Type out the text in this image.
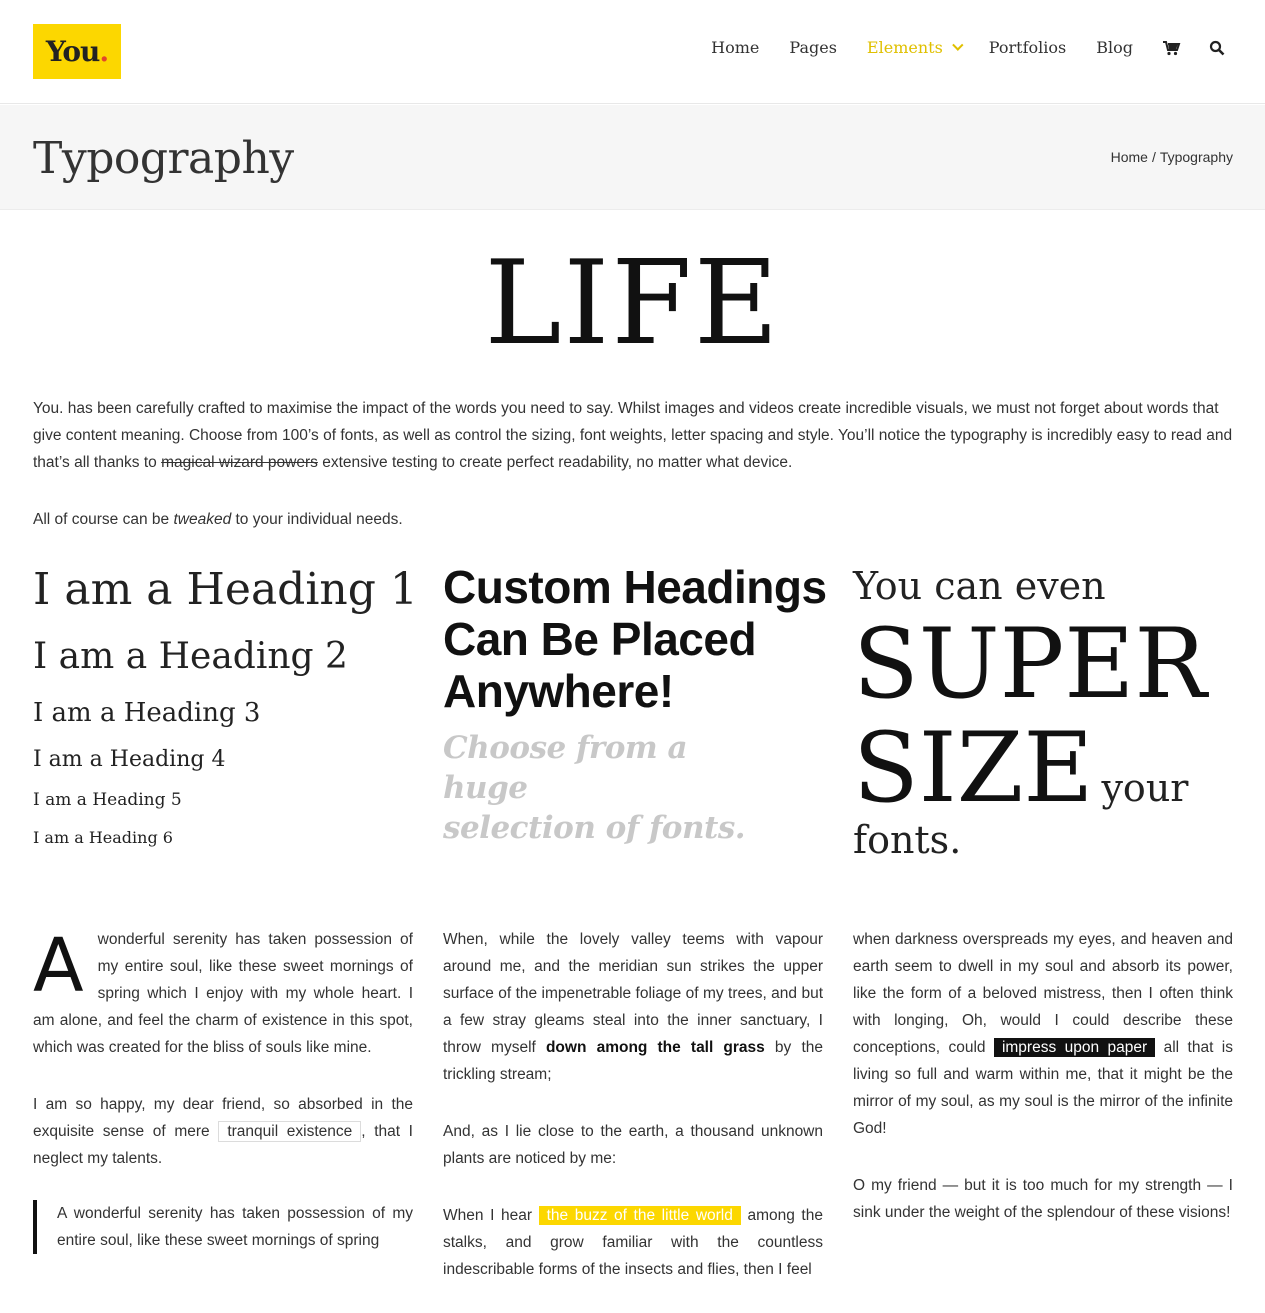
You.	Home Pages Elements	Portfolios Blog
Typography	Home / Typography
LIFE
You. has been carefully crafted to maximise the impact of the words you need to say. Whilst images and videos create incredible visuals, we must not forget about words that give content meaning. Choose from 100’s of fonts, as well as control the sizing, font weights, letter spacing and style. You’ll notice the typography is incredibly easy to read and that’s all thanks to magical wizard powers extensive testing to create perfect readability, no matter what device.
All of course can be tweaked to your individual needs.
I am a Heading 1
I am a Heading 2
I am a Heading 3
I am a Heading 4
I am a Heading 5
I am a Heading 6
Custom Headings
Can Be Placed
Anywhere!
Choose from a huge
selection of fonts.
You can even
SUPER
SIZE your
fonts.

Awonderful serenity has taken possession of my entire soul, like these sweet mornings of spring which I enjoy with my whole heart. I am alone, and feel the charm of existence in this spot, which was created for the bliss of souls like mine.

I am so happy, my dear friend, so absorbed in the exquisite sense of mere tranquil existence , that I neglect my talents.

A wonderful serenity has taken possession of my entire soul, like these sweet mornings of spring

When, while the lovely valley teems with vapour around me, and the meridian sun strikes the upper surface of the impenetrable foliage of my trees, and but a few stray gleams steal into the inner sanctuary, I throw myself down among the tall grass by the trickling stream;

And, as I lie close to the earth, a thousand unknown plants are noticed by me:

When I hear the buzz of the little world among the stalks, and grow familiar with the countless indescribable forms of the insects and flies, then I feel

when darkness overspreads my eyes, and heaven and earth seem to dwell in my soul and absorb its power, like the form of a beloved mistress, then I often think with longing, Oh, would I could describe these conceptions, could impress upon paper all that is living so full and warm within me, that it might be the mirror of my soul, as my soul is the mirror of the infinite God!

O my friend — but it is too much for my strength — I sink under the weight of the splendour of these visions!
